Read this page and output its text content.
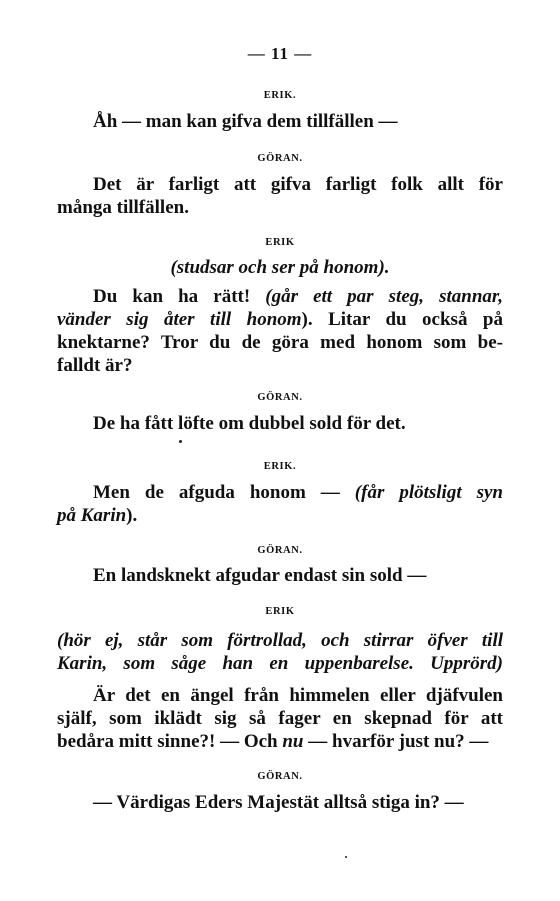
— 11 —
ERIK.
Åh — man kan gifva dem tillfällen —
GÖRAN.
Det är farligt att gifva farligt folk allt för
många tillfällen.
ERIK
(studsar och ser på honom).
Du kan ha rätt! (går ett par steg, stannar,
vänder sig åter till honom). Litar du också på
knektarne? Tror du de göra med honom som be-
falldt är?
GÖRAN.
De ha fått löfte om dubbel sold för det.
ERIK.
Men de afguda honom — (får plötsligt syn
på Karin).
GÖRAN.
En landsknekt afgudar endast sin sold —
ERIK
(hör ej, står som förtrollad, och stirrar öfver till
Karin, som såge han en uppenbarelse. Upprörd)
Är det en ängel från himmelen eller djäfvulen
själf, som iklädt sig så fager en skepnad för att
bedåra mitt sinne?! — Och nu — hvarför just nu? —
GÖRAN.
— Värdigas Eders Majestät alltså stiga in? —
